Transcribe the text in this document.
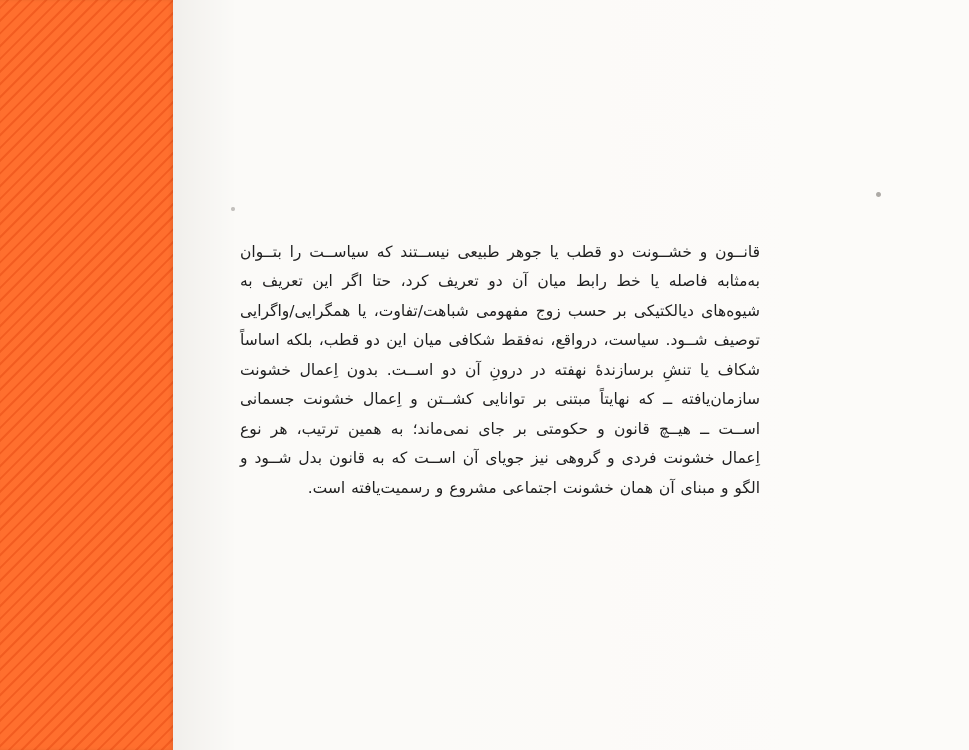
قانــون و خشــونت دو قطب یا جوهر طبیعی نیســتند که سیاســت را بتــوان به‌مثابه فاصله یا خط رابط میان آن دو تعریف کرد، حتا اگر این تعریف به شیوه‌های دیالکتیکی بر حسب زوج مفهومی شباهت/تفاوت، یا همگرایی/واگرایی توصیف شــود. سیاست، درواقع، نه‌فقط شکافی میان این دو قطب، بلکه اساساً شکاف یا تنشِ برسازندهٔ نهفته در درونِ آن دو اســت. بدون اِعمال خشونت سازمان‌یافته ــ که نهایتاً مبتنی بر توانایی کشــتن و اِعمال خشونت جسمانی اســت ــ هیــچ قانون و حکومتی بر جای نمی‌ماند؛ به همین ترتیب، هر نوع اِعمال خشونت فردی و گروهی نیز جویای آن اســت که به قانون بدل شــود و الگو و مبنای آن همان خشونت اجتماعی مشروع و رسمیت‌یافته است.
